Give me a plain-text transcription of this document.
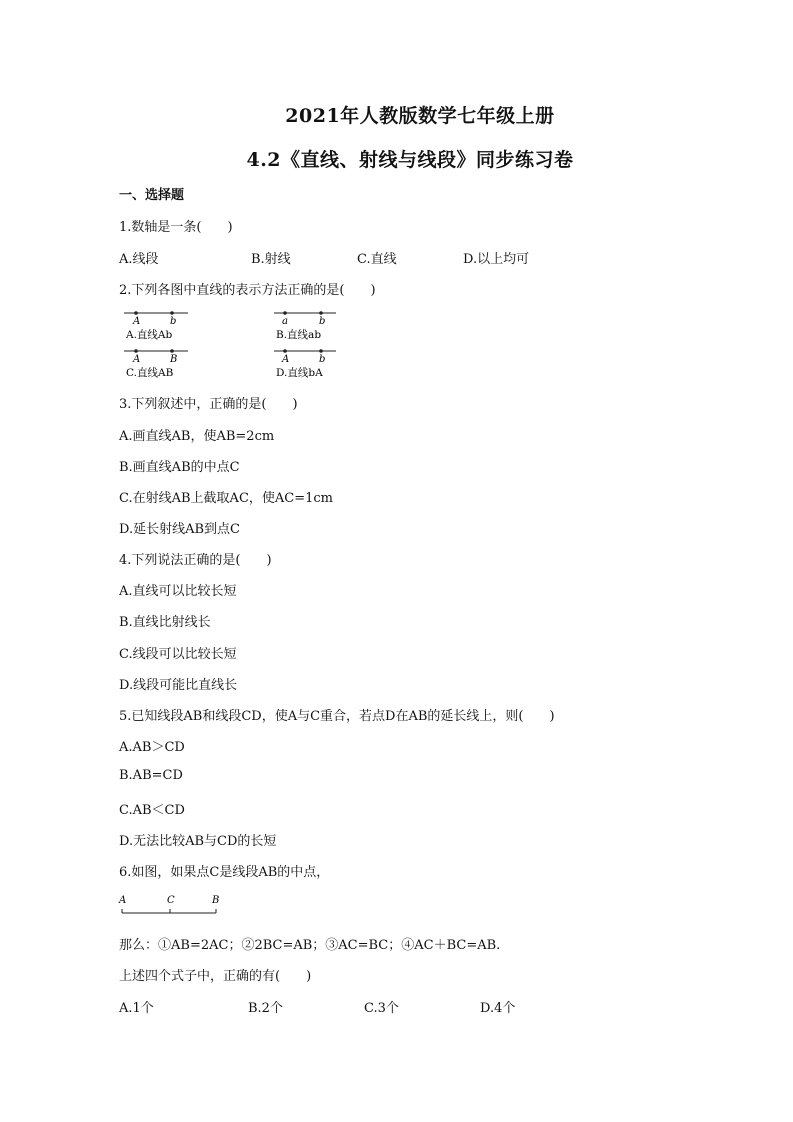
2021年人教版数学七年级上册
4.2《直线、射线与线段》同步练习卷
一、选择题
1.数轴是一条(　　)
A.线段	B.射线	C.直线	D.以上均可
2.下列各图中直线的表示方法正确的是(　　)
A	b
A.直线Ab
a	b
B.直线ab
A	B
C.直线AB
A	b
D.直线bA
3.下列叙述中，正确的是(　　)
A.画直线AB，使AB=2cm
B.画直线AB的中点C
C.在射线AB上截取AC，使AC=1cm
D.延长射线AB到点C
4.下列说法正确的是(　　)
A.直线可以比较长短
B.直线比射线长
C.线段可以比较长短
D.线段可能比直线长
5.已知线段AB和线段CD，使A与C重合，若点D在AB的延长线上，则(　　)
A.AB＞CD
B.AB=CD
C.AB＜CD
D.无法比较AB与CD的长短
6.如图，如果点C是线段AB的中点，
A	C	B
那么：①AB=2AC；②2BC=AB；③AC=BC；④AC＋BC=AB.
上述四个式子中，正确的有(　　)
A.1个	B.2个	C.3个	D.4个
